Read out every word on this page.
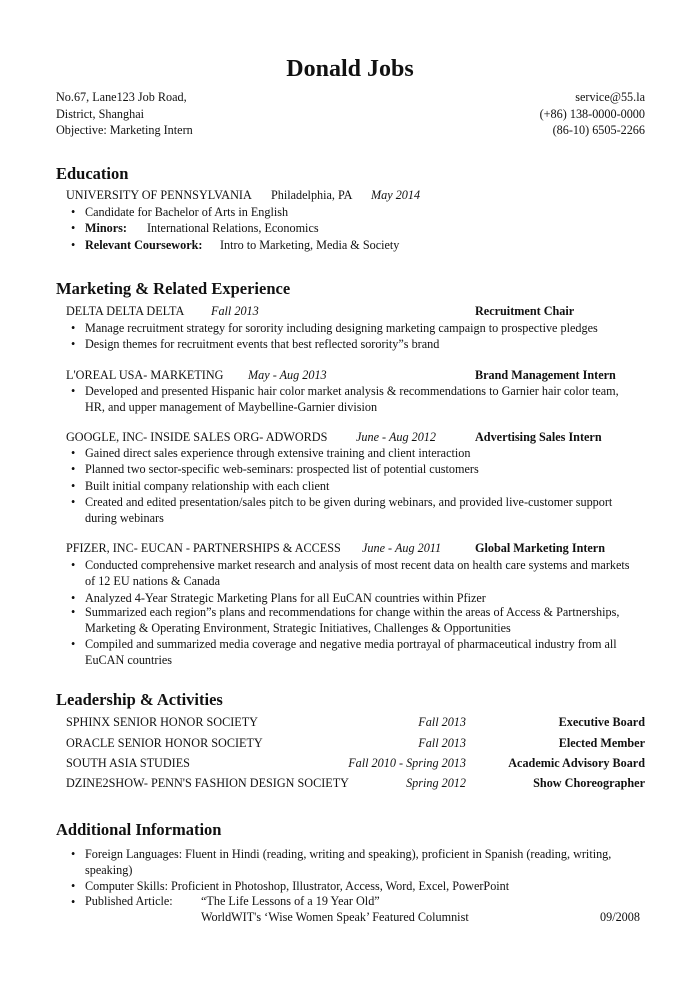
Donald Jobs
No.67, Lane123 Job Road,
District, Shanghai
Objective: Marketing Intern
service@55.la
(+86) 138-0000-0000
(86-10) 6505-2266
Education
UNIVERSITY OF PENNSYLVANIA Philadelphia, PA May 2014
• Candidate for Bachelor of Arts in English
• Minors: International Relations, Economics
• Relevant Coursework: Intro to Marketing, Media & Society
Marketing & Related Experience
DELTA DELTA DELTA Fall 2013	Recruitment Chair
• Manage recruitment strategy for sorority including designing marketing campaign to prospective pledges
• Design themes for recruitment events that best reflected sorority”s brand
L'OREAL USA- MARKETING May - Aug 2013	Brand Management Intern
• Developed and presented Hispanic hair color market analysis & recommendations to Garnier hair color team, HR, and upper management of Maybelline-Garnier division
GOOGLE, INC- INSIDE SALES ORG- ADWORDS June - Aug 2012	Advertising Sales Intern
• Gained direct sales experience through extensive training and client interaction
• Planned two sector-specific web-seminars: prospected list of potential customers
• Built initial company relationship with each client
• Created and edited presentation/sales pitch to be given during webinars, and provided live-customer support during webinars
PFIZER, INC- EUCAN - PARTNERSHIPS & ACCESS June - Aug 2011	Global Marketing Intern
• Conducted comprehensive market research and analysis of most recent data on health care systems and markets of 12 EU nations & Canada
• Analyzed 4-Year Strategic Marketing Plans for all EuCAN countries within Pfizer
• Summarized each region”s plans and recommendations for change within the areas of Access & Partnerships, Marketing & Operating Environment, Strategic Initiatives, Challenges & Opportunities
• Compiled and summarized media coverage and negative media portrayal of pharmaceutical industry from all EuCAN countries
Leadership & Activities
SPHINX SENIOR HONOR SOCIETY	Fall 2013	Executive Board
ORACLE SENIOR HONOR SOCIETY	Fall 2013	Elected Member
SOUTH ASIA STUDIES	Fall 2010 - Spring 2013	Academic Advisory Board
DZINE2SHOW- PENN'S FASHION DESIGN SOCIETY	Spring 2012	Show Choreographer
Additional Information
• Foreign Languages: Fluent in Hindi (reading, writing and speaking), proficient in Spanish (reading, writing, speaking)
• Computer Skills: Proficient in Photoshop, Illustrator, Access, Word, Excel, PowerPoint
• Published Article: “The Life Lessons of a 19 Year Old”
WorldWIT's ‘Wise Women Speak’ Featured Columnist	09/2008
